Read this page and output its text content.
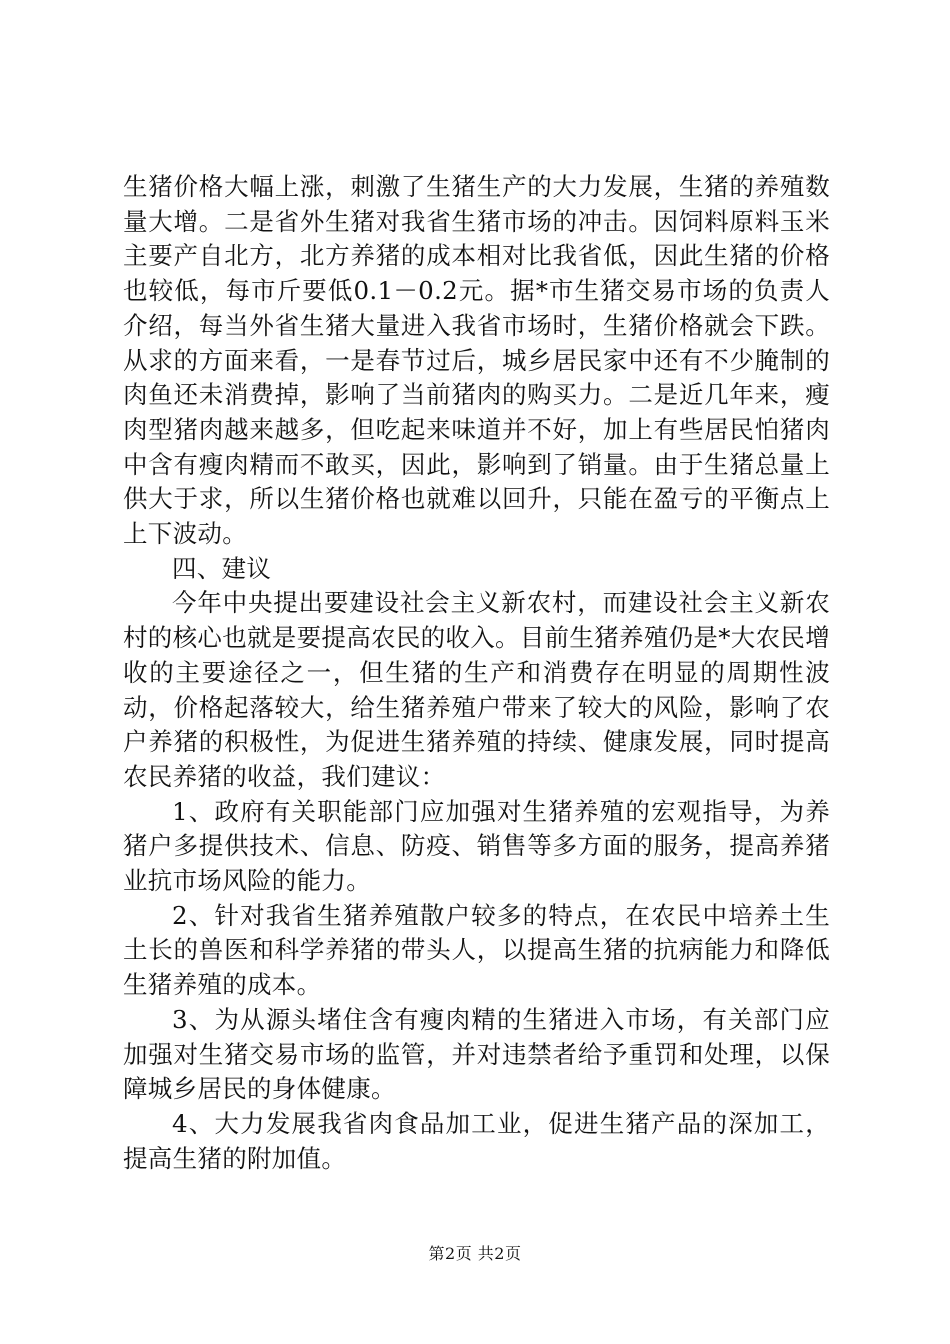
生猪价格大幅上涨，刺激了生猪生产的大力发展，生猪的养殖数量大增。二是省外生猪对我省生猪市场的冲击。因饲料原料玉米主要产自北方，北方养猪的成本相对比我省低，因此生猪的价格也较低，每市斤要低0.1－0.2元。据*市生猪交易市场的负责人介绍，每当外省生猪大量进入我省市场时，生猪价格就会下跌。从求的方面来看，一是春节过后，城乡居民家中还有不少腌制的肉鱼还未消费掉，影响了当前猪肉的购买力。二是近几年来，瘦肉型猪肉越来越多，但吃起来味道并不好，加上有些居民怕猪肉中含有瘦肉精而不敢买，因此，影响到了销量。由于生猪总量上供大于求，所以生猪价格也就难以回升，只能在盈亏的平衡点上上下波动。

四、建议

今年中央提出要建设社会主义新农村，而建设社会主义新农村的核心也就是要提高农民的收入。目前生猪养殖仍是*大农民增收的主要途径之一，但生猪的生产和消费存在明显的周期性波动，价格起落较大，给生猪养殖户带来了较大的风险，影响了农户养猪的积极性，为促进生猪养殖的持续、健康发展，同时提高农民养猪的收益，我们建议：

1、政府有关职能部门应加强对生猪养殖的宏观指导，为养猪户多提供技术、信息、防疫、销售等多方面的服务，提高养猪业抗市场风险的能力。

2、针对我省生猪养殖散户较多的特点，在农民中培养土生土长的兽医和科学养猪的带头人，以提高生猪的抗病能力和降低生猪养殖的成本。

3、为从源头堵住含有瘦肉精的生猪进入市场，有关部门应加强对生猪交易市场的监管，并对违禁者给予重罚和处理，以保障城乡居民的身体健康。

4、大力发展我省肉食品加工业，促进生猪产品的深加工，提高生猪的附加值。

第2页 共2页
